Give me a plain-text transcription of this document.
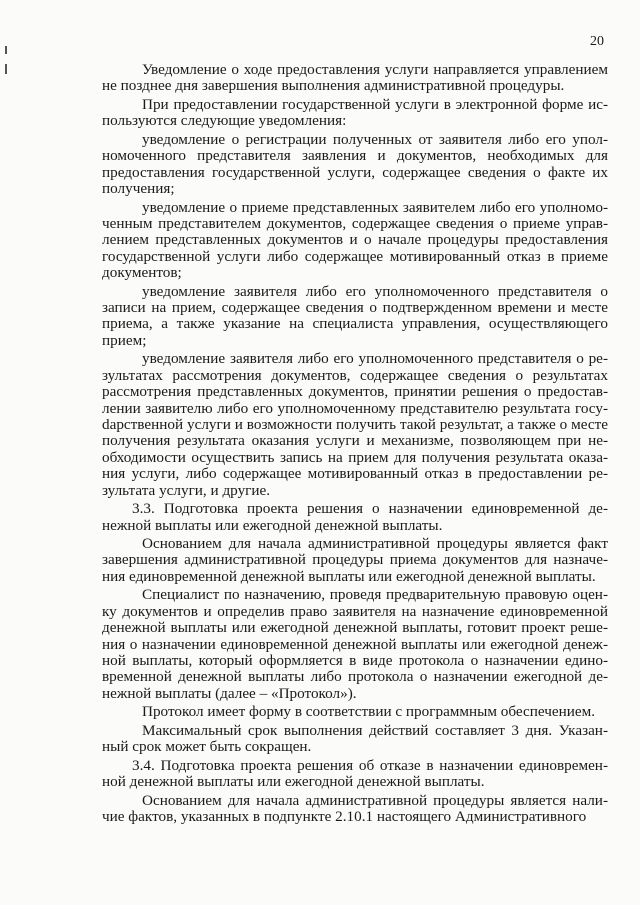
20

Уведомление о ходе предоставления услуги направляется управлением не позднее дня завершения выполнения административной процедуры.

При предоставлении государственной услуги в электронной форме используются следующие уведомления:

уведомление о регистрации полученных от заявителя либо его уполномоченного представителя заявления и документов, необходимых для предоставления государственной услуги, содержащее сведения о факте их получения;

уведомление о приеме представленных заявителем либо его уполномоченным представителем документов, содержащее сведения о приеме управлением представленных документов и о начале процедуры предоставления государственной услуги либо содержащее мотивированный отказ в приеме документов;

уведомление заявителя либо его уполномоченного представителя о записи на прием, содержащее сведения о подтвержденном времени и месте приема, а также указание на специалиста управления, осуществляющего прием;

уведомление заявителя либо его уполномоченного представителя о результатах рассмотрения документов, содержащее сведения о результатах рассмотрения представленных документов, принятии решения о предоставлении заявителю либо его уполномоченному представителю результата госуdарственной услуги и возможности получить такой результат, а также о месте получения результата оказания услуги и механизме, позволяющем при необходимости осуществить запись на прием для получения результата оказания услуги, либо содержащее мотивированный отказ в предоставлении результата услуги, и другие.

3.3. Подготовка проекта решения о назначении единовременной денежной выплаты или ежегодной денежной выплаты.

Основанием для начала административной процедуры является факт завершения административной процедуры приема документов для назначения единовременной денежной выплаты или ежегодной денежной выплаты.

Специалист по назначению, проведя предварительную правовую оценку документов и определив право заявителя на назначение единовременной денежной выплаты или ежегодной денежной выплаты, готовит проект решения о назначении единовременной денежной выплаты или ежегодной денежной выплаты, который оформляется в виде протокола о назначении единовременной денежной выплаты либо протокола о назначении ежегодной денежной выплаты (далее – «Протокол»).

Протокол имеет форму в соответствии с программным обеспечением.

Максимальный срок выполнения действий составляет 3 дня. Указанный срок может быть сокращен.

3.4. Подготовка проекта решения об отказе в назначении единовременной денежной выплаты или ежегодной денежной выплаты.

Основанием для начала административной процедуры является наличие фактов, указанных в подпункте 2.10.1 настоящего Административного
